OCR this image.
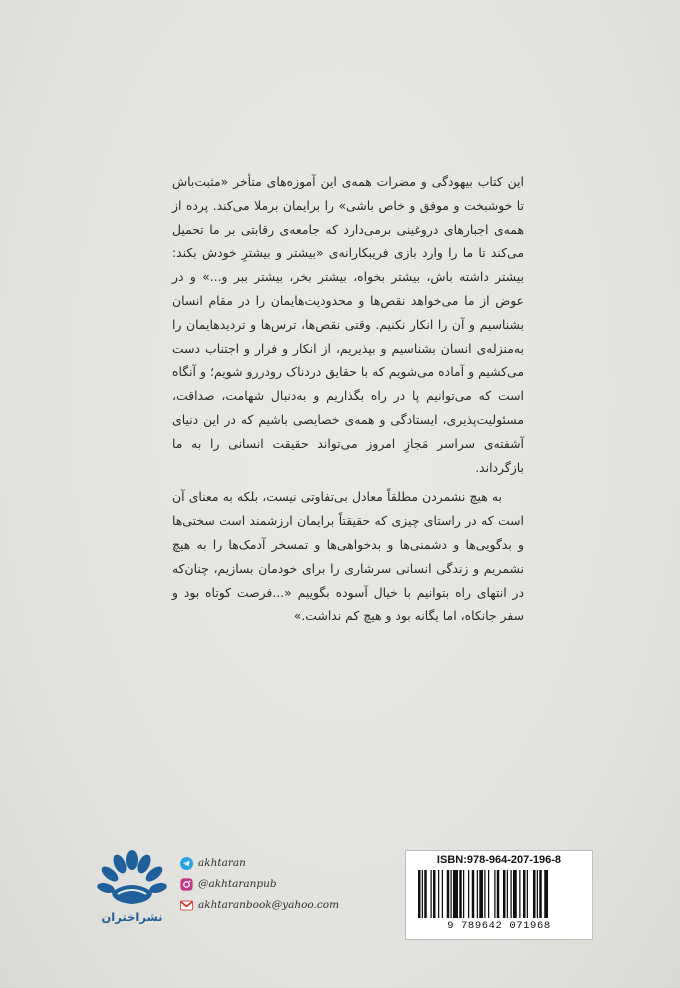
این کتاب بیهودگی و مضرات همه‌ی این آموزه‌های متأخر «مثبت‌باش تا خوشبخت و موفق و خاص باشی» را برایمان برملا می‌کند. پرده از همه‌ی اجبارهای دروغینی برمی‌دارد که جامعه‌ی رقابتی بر ما تحمیل می‌کند تا ما را وارد بازی فریبکارانه‌ی «بیشتر و بیشترِ خودش بکند: بیشتر داشته باش، بیشتر بخواه، بیشتر بخر، بیشتر ببر و...» و در عوض از ما می‌خواهد نقص‌ها و محدودیت‌هایمان را در مقام انسان بشناسیم و آن را انکار نکنیم. وقتی نقص‌ها، ترس‌ها و تردیدهایمان را به‌منزله‌ی انسان بشناسیم و بپذیریم، از انکار و فرار و اجتناب دست می‌کشیم و آماده می‌شویم که با حقایق دردناک رودررو شویم؛ و آنگاه است که می‌توانیم پا در راه بگذاریم و به‌دنبال شهامت، صداقت، مسئولیت‌پذیری، ایستادگی و همه‌ی خصایصی باشیم که در این دنیای آشفته‌ی سراسر مَجازِ امروز می‌تواند حقیقت انسانی را به ما بازگرداند.

به هیچ نشمردن مطلقاً معادل بی‌تفاوتی نیست، بلکه به معنای آن است که در راستای چیزی که حقیقتاً برایمان ارزشمند است سختی‌ها و بدگویی‌ها و دشمنی‌ها و بدخواهی‌ها و تمسخر آدمک‌ها را به هیچ نشمریم و زندگی انسانی سرشاری را برای خودمان بسازیم، چنان‌که در انتهای راه بتوانیم با خیال آسوده بگوییم «...فرصت کوتاه بود و سفر جانکاه، اما یگانه بود و هیچ کم نداشت.»

نشراختران
akhtaran
@akhtaranpub
akhtaranbook@yahoo.com
ISBN:978-964-207-196-8
9 789642 071968
